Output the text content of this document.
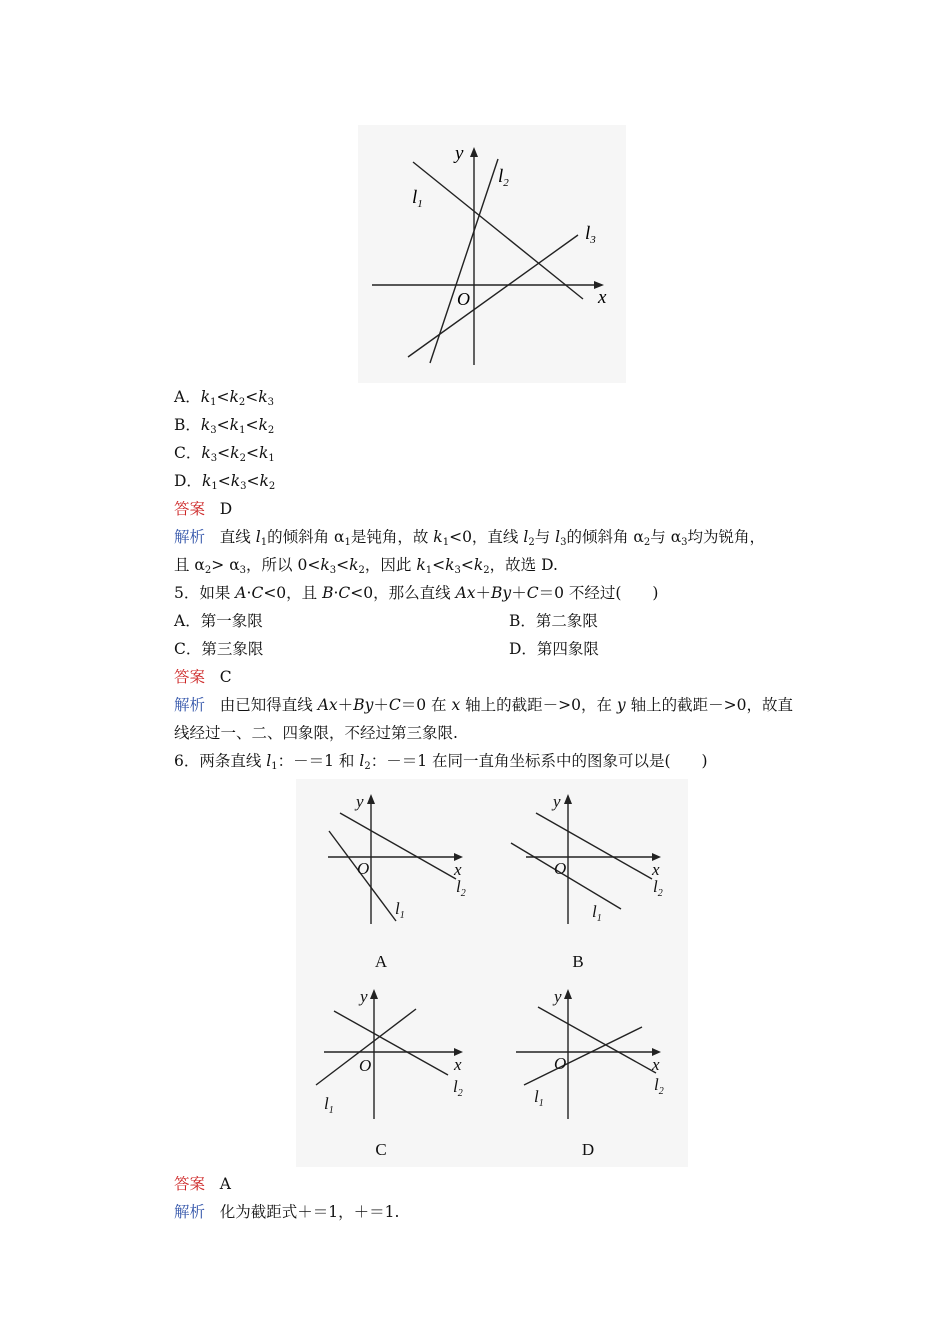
y
x
O
$l_1$
$l_2$
$l_3$
A．$k_1<k_2<k_3$
B．$k_3<k_1<k_2$
C．$k_3<k_2<k_1$
D．$k_1<k_3<k_2$
答案 D
解析 直线 $l_1$的倾斜角 $\alpha_1$是钝角，故 $k_1<0$，直线 $l_2$与 $l_3$的倾斜角 $\alpha_2$与 $\alpha_3$均为锐角，
且 $\alpha_2> \alpha_3$，所以 $0<k_3<k_2$，因此 $k_1<k_3<k_2$，故选 D.
5．如果 A·C<0，且 B·C<0，那么直线 Ax＋By＋C＝0 不经过(　　)
A．第一象限	B．第二象限
C．第三象限	D．第四象限
答案 C
解析 由已知得直线 Ax＋By＋C＝0 在 x 轴上的截距－>0，在 y 轴上的截距－>0，故直
线经过一、二、四象限，不经过第三象限.
6．两条直线 $l_1$：－＝1 和 $l_2$：－＝1 在同一直角坐标系中的图象可以是(　　)
y
x
O
$l_1$
$l_2$
y
x
O
$l_1$
$l_2$
y
x
O
$l_1$
$l_2$
y
x
O
$l_1$
$l_2$
A	B
C	D
答案 A
解析 化为截距式＋＝1，＋＝1.
